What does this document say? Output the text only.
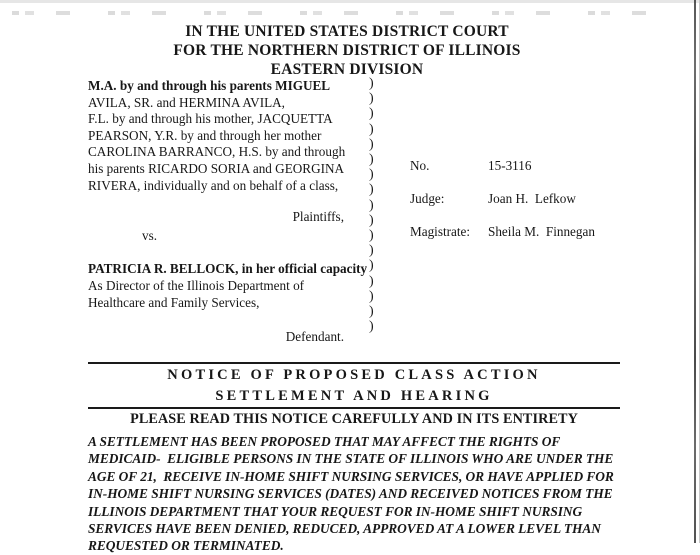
IN THE UNITED STATES DISTRICT COURT
FOR THE NORTHERN DISTRICT OF ILLINOIS
EASTERN DIVISION
M.A. by and through his parents MIGUEL
AVILA, SR. and HERMINA AVILA,
F.L. by and through his mother, JACQUETTA
PEARSON, Y.R. by and through her mother
CAROLINA BARRANCO, H.S. by and through
his parents RICARDO SORIA and GEORGINA
RIVERA, individually and on behalf of a class,
Plaintiffs,
vs.
PATRICIA R. BELLOCK, in her official capacity
As Director of the Illinois Department of
Healthcare and Family Services,
Defendant.
)
)
)
)
)
)
)
)
)
)
)
)
)
)
)
)
)
No.	15-3116
Judge:	Joan H.  Lefkow
Magistrate:	Sheila M.  Finnegan
NOTICE OF PROPOSED CLASS ACTION
SETTLEMENT AND HEARING
PLEASE READ THIS NOTICE CAREFULLY AND IN ITS ENTIRETY
A SETTLEMENT HAS BEEN PROPOSED THAT MAY AFFECT THE RIGHTS OF MEDICAID-  ELIGIBLE PERSONS IN THE STATE OF ILLINOIS WHO ARE UNDER THE AGE OF 21,  RECEIVE IN-HOME SHIFT NURSING SERVICES, OR HAVE APPLIED FOR IN-HOME SHIFT NURSING SERVICES (DATES) AND RECEIVED NOTICES FROM THE ILLINOIS DEPARTMENT THAT YOUR REQUEST FOR IN-HOME SHIFT NURSING SERVICES HAVE BEEN DENIED, REDUCED, APPROVED AT A LOWER LEVEL THAN REQUESTED OR TERMINATED.
